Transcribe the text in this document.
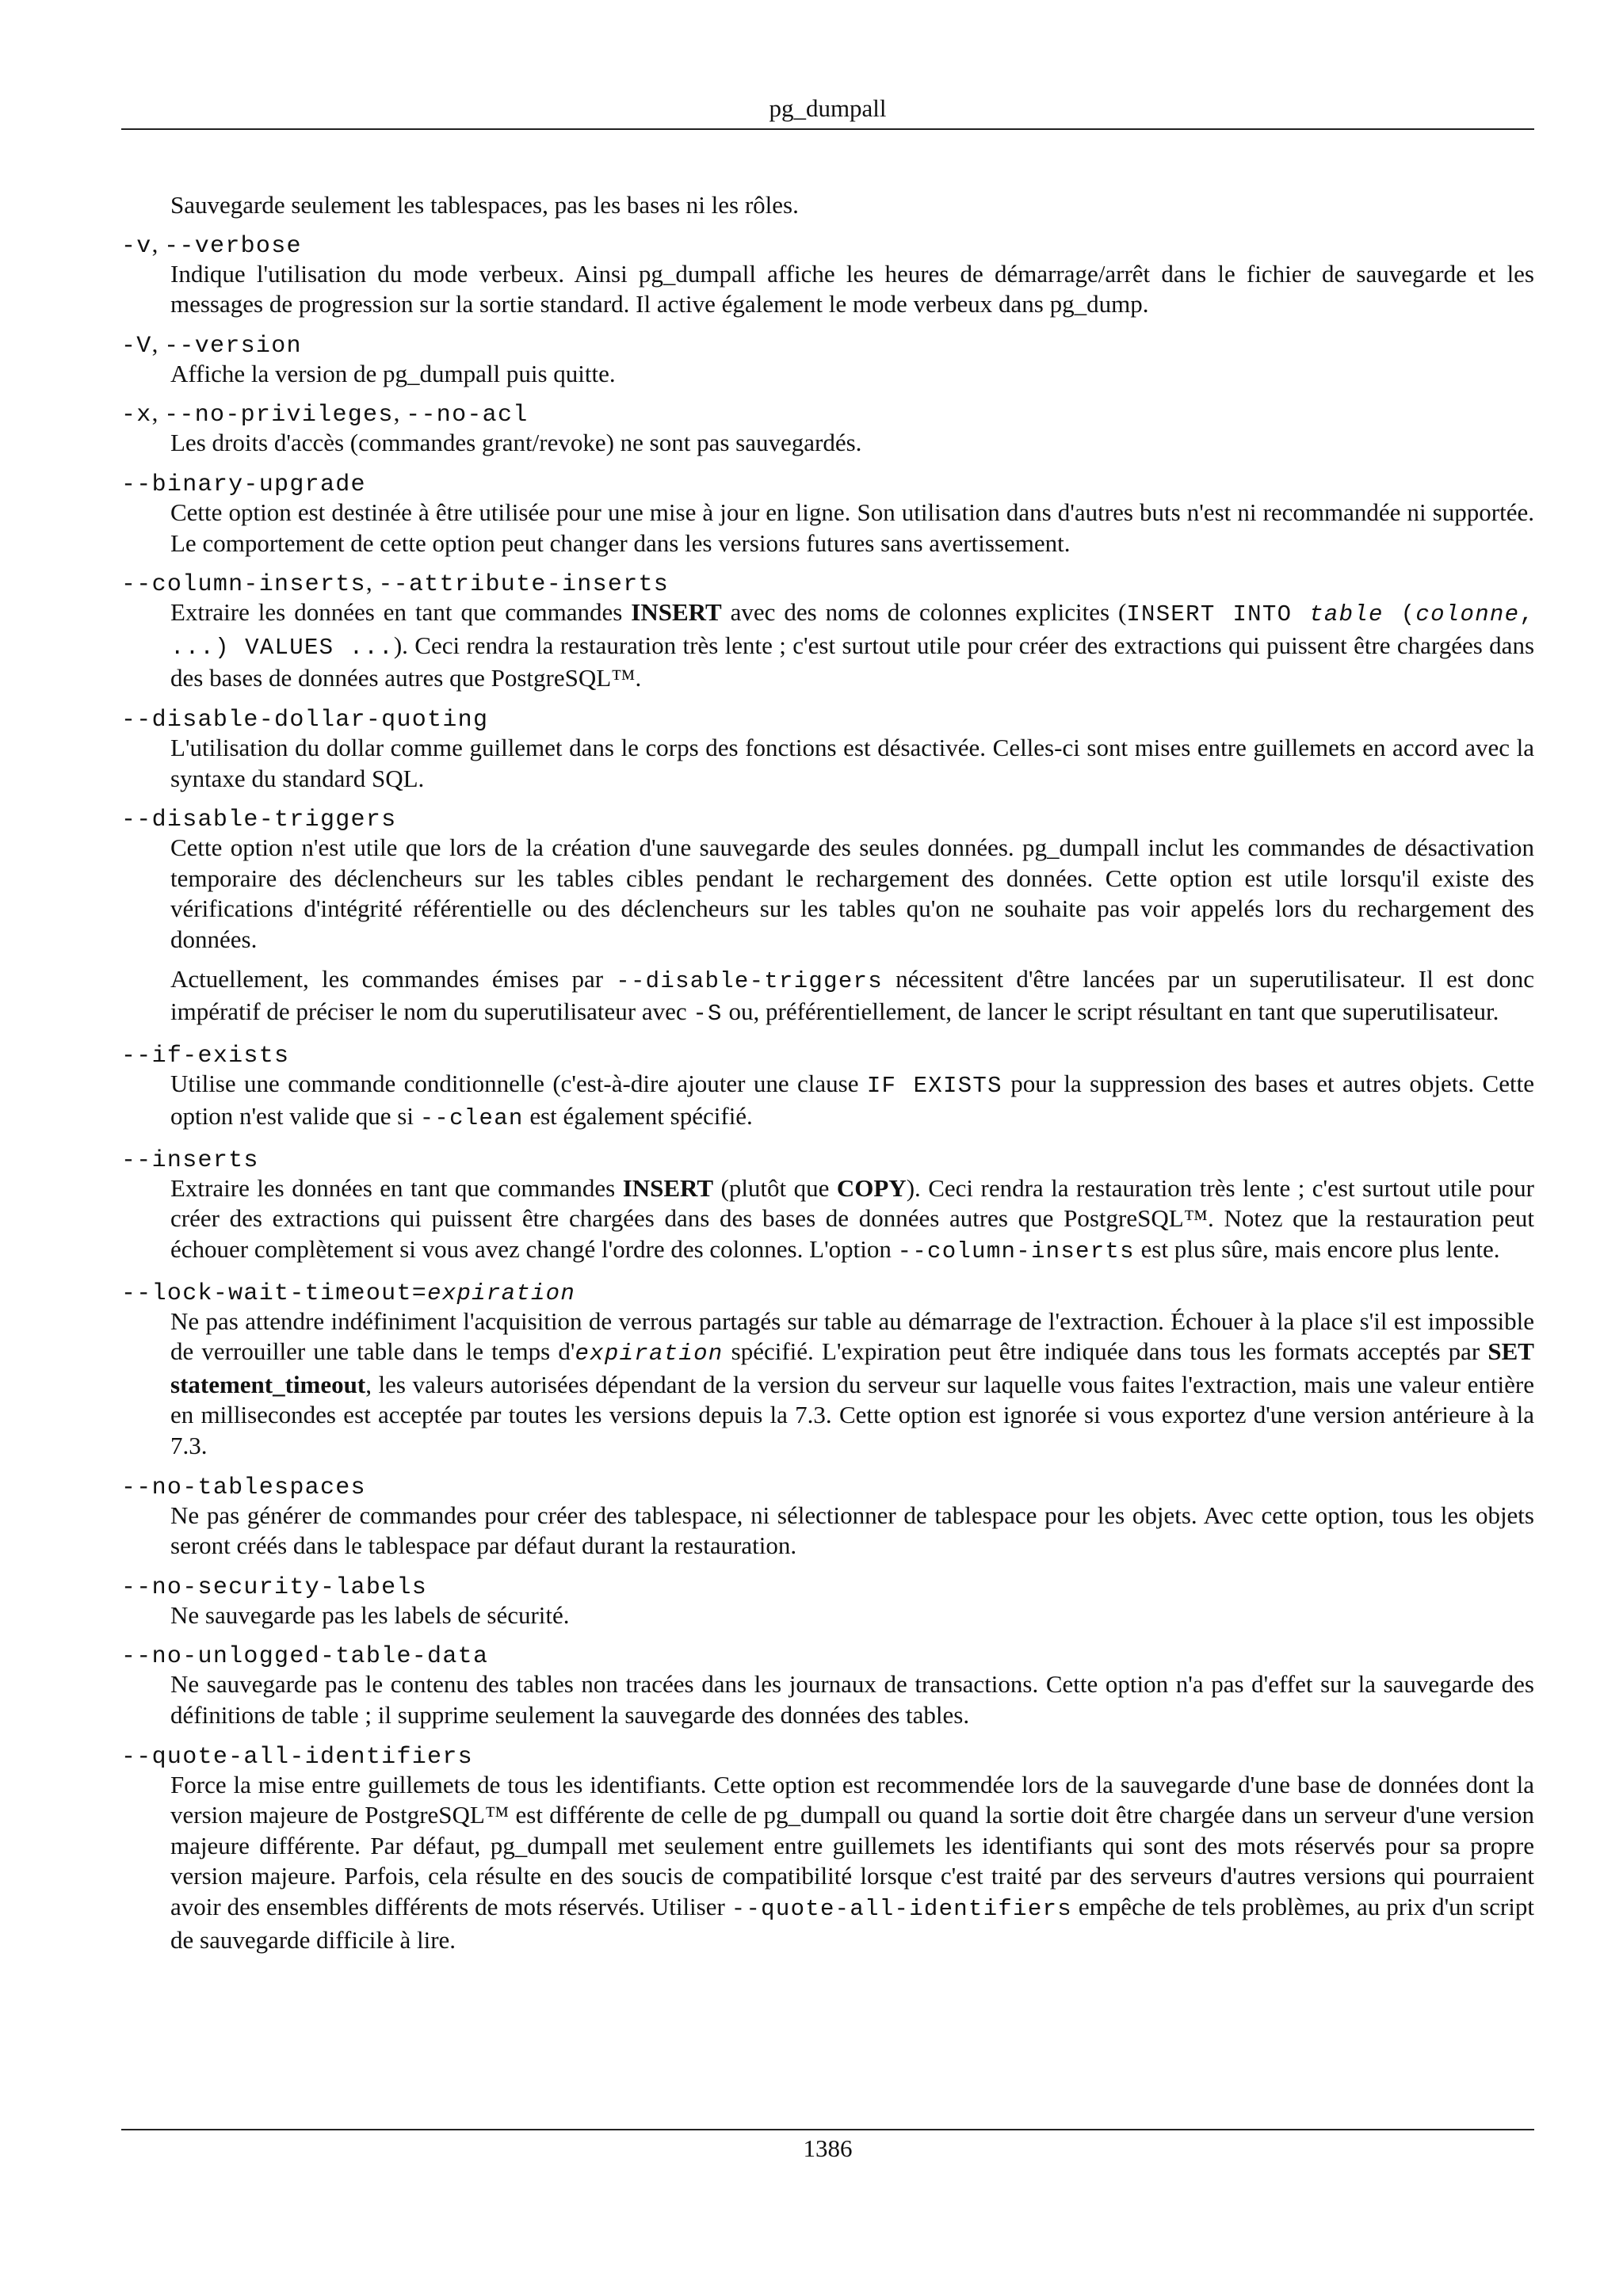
pg_dumpall
Sauvegarde seulement les tablespaces, pas les bases ni les rôles.
-v, --verbose

Indique l'utilisation du mode verbeux. Ainsi pg_dumpall affiche les heures de démarrage/arrêt dans le fichier de sauvegarde et les messages de progression sur la sortie standard. Il active également le mode verbeux dans pg_dump.

-V, --version

Affiche la version de pg_dumpall puis quitte.

-x, --no-privileges, --no-acl

Les droits d'accès (commandes grant/revoke) ne sont pas sauvegardés.

--binary-upgrade

Cette option est destinée à être utilisée pour une mise à jour en ligne. Son utilisation dans d'autres buts n'est ni recommandée ni supportée. Le comportement de cette option peut changer dans les versions futures sans avertissement.

--column-inserts, --attribute-inserts

Extraire les données en tant que commandes INSERT avec des noms de colonnes explicites (INSERT INTO table (colonne, ...) VALUES ...). Ceci rendra la restauration très lente ; c'est surtout utile pour créer des extractions qui puissent être chargées dans des bases de données autres que PostgreSQL™.

--disable-dollar-quoting

L'utilisation du dollar comme guillemet dans le corps des fonctions est désactivée. Celles-ci sont mises entre guillemets en accord avec la syntaxe du standard SQL.

--disable-triggers

Cette option n'est utile que lors de la création d'une sauvegarde des seules données. pg_dumpall inclut les commandes de désactivation temporaire des déclencheurs sur les tables cibles pendant le rechargement des données. Cette option est utile lorsqu'il existe des vérifications d'intégrité référentielle ou des déclencheurs sur les tables qu'on ne souhaite pas voir appelés lors du rechargement des données.

Actuellement, les commandes émises par --disable-triggers nécessitent d'être lancées par un superutilisateur. Il est donc impératif de préciser le nom du superutilisateur avec -S ou, préférentiellement, de lancer le script résultant en tant que superutilisateur.

--if-exists

Utilise une commande conditionnelle (c'est-à-dire ajouter une clause IF EXISTS pour la suppression des bases et autres objets. Cette option n'est valide que si --clean est également spécifié.

--inserts

Extraire les données en tant que commandes INSERT (plutôt que COPY). Ceci rendra la restauration très lente ; c'est surtout utile pour créer des extractions qui puissent être chargées dans des bases de données autres que PostgreSQL™. Notez que la restauration peut échouer complètement si vous avez changé l'ordre des colonnes. L'option --column-inserts est plus sûre, mais encore plus lente.

--lock-wait-timeout=expiration

Ne pas attendre indéfiniment l'acquisition de verrous partagés sur table au démarrage de l'extraction. Échouer à la place s'il est impossible de verrouiller une table dans le temps d'expiration spécifié. L'expiration peut être indiquée dans tous les formats acceptés par SET statement_timeout, les valeurs autorisées dépendant de la version du serveur sur laquelle vous faites l'extraction, mais une valeur entière en millisecondes est acceptée par toutes les versions depuis la 7.3. Cette option est ignorée si vous exportez d'une version antérieure à la 7.3.

--no-tablespaces

Ne pas générer de commandes pour créer des tablespace, ni sélectionner de tablespace pour les objets. Avec cette option, tous les objets seront créés dans le tablespace par défaut durant la restauration.

--no-security-labels

Ne sauvegarde pas les labels de sécurité.

--no-unlogged-table-data

Ne sauvegarde pas le contenu des tables non tracées dans les journaux de transactions. Cette option n'a pas d'effet sur la sauvegarde des définitions de table ; il supprime seulement la sauvegarde des données des tables.

--quote-all-identifiers

Force la mise entre guillemets de tous les identifiants. Cette option est recommendée lors de la sauvegarde d'une base de données dont la version majeure de PostgreSQL™ est différente de celle de pg_dumpall ou quand la sortie doit être chargée dans un serveur d'une version majeure différente. Par défaut, pg_dumpall met seulement entre guillemets les identifiants qui sont des mots réservés pour sa propre version majeure. Parfois, cela résulte en des soucis de compatibilité lorsque c'est traité par des serveurs d'autres versions qui pourraient avoir des ensembles différents de mots réservés. Utiliser --quote-all-identifiers empêche de tels problèmes, au prix d'un script de sauvegarde difficile à lire.

1386
